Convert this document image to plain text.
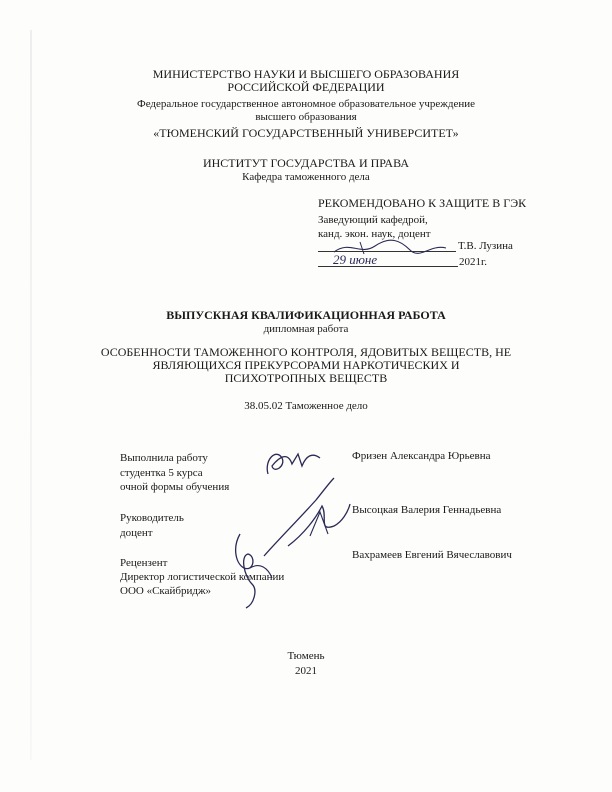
МИНИСТЕРСТВО НАУКИ И ВЫСШЕГО ОБРАЗОВАНИЯ
РОССИЙСКОЙ ФЕДЕРАЦИИ
Федеральное государственное автономное образовательное учреждение
высшего образования
«ТЮМЕНСКИЙ ГОСУДАРСТВЕННЫЙ УНИВЕРСИТЕТ»
ИНСТИТУТ ГОСУДАРСТВА И ПРАВА
Кафедра таможенного дела
РЕКОМЕНДОВАНО К ЗАЩИТЕ В ГЭК
Заведующий кафедрой,
канд. экон. наук, доцент
Т.В. Лузина
29 июне	2021г.
ВЫПУСКНАЯ КВАЛИФИКАЦИОННАЯ РАБОТА
дипломная работа
ОСОБЕННОСТИ ТАМОЖЕННОГО КОНТРОЛЯ, ЯДОВИТЫХ ВЕЩЕСТВ, НЕ
ЯВЛЯЮЩИХСЯ ПРЕКУРСОРАМИ НАРКОТИЧЕСКИХ И
ПСИХОТРОПНЫХ ВЕЩЕСТВ
38.05.02 Таможенное дело
Выполнила работу
студентка 5 курса
очной формы обучения
Фризен Александра Юрьевна
Руководитель
доцент
Высоцкая Валерия Геннадьевна
Рецензент
Директор логистической компании
ООО «Скайбридж»
Вахрамеев Евгений Вячеславович
Тюмень
2021
